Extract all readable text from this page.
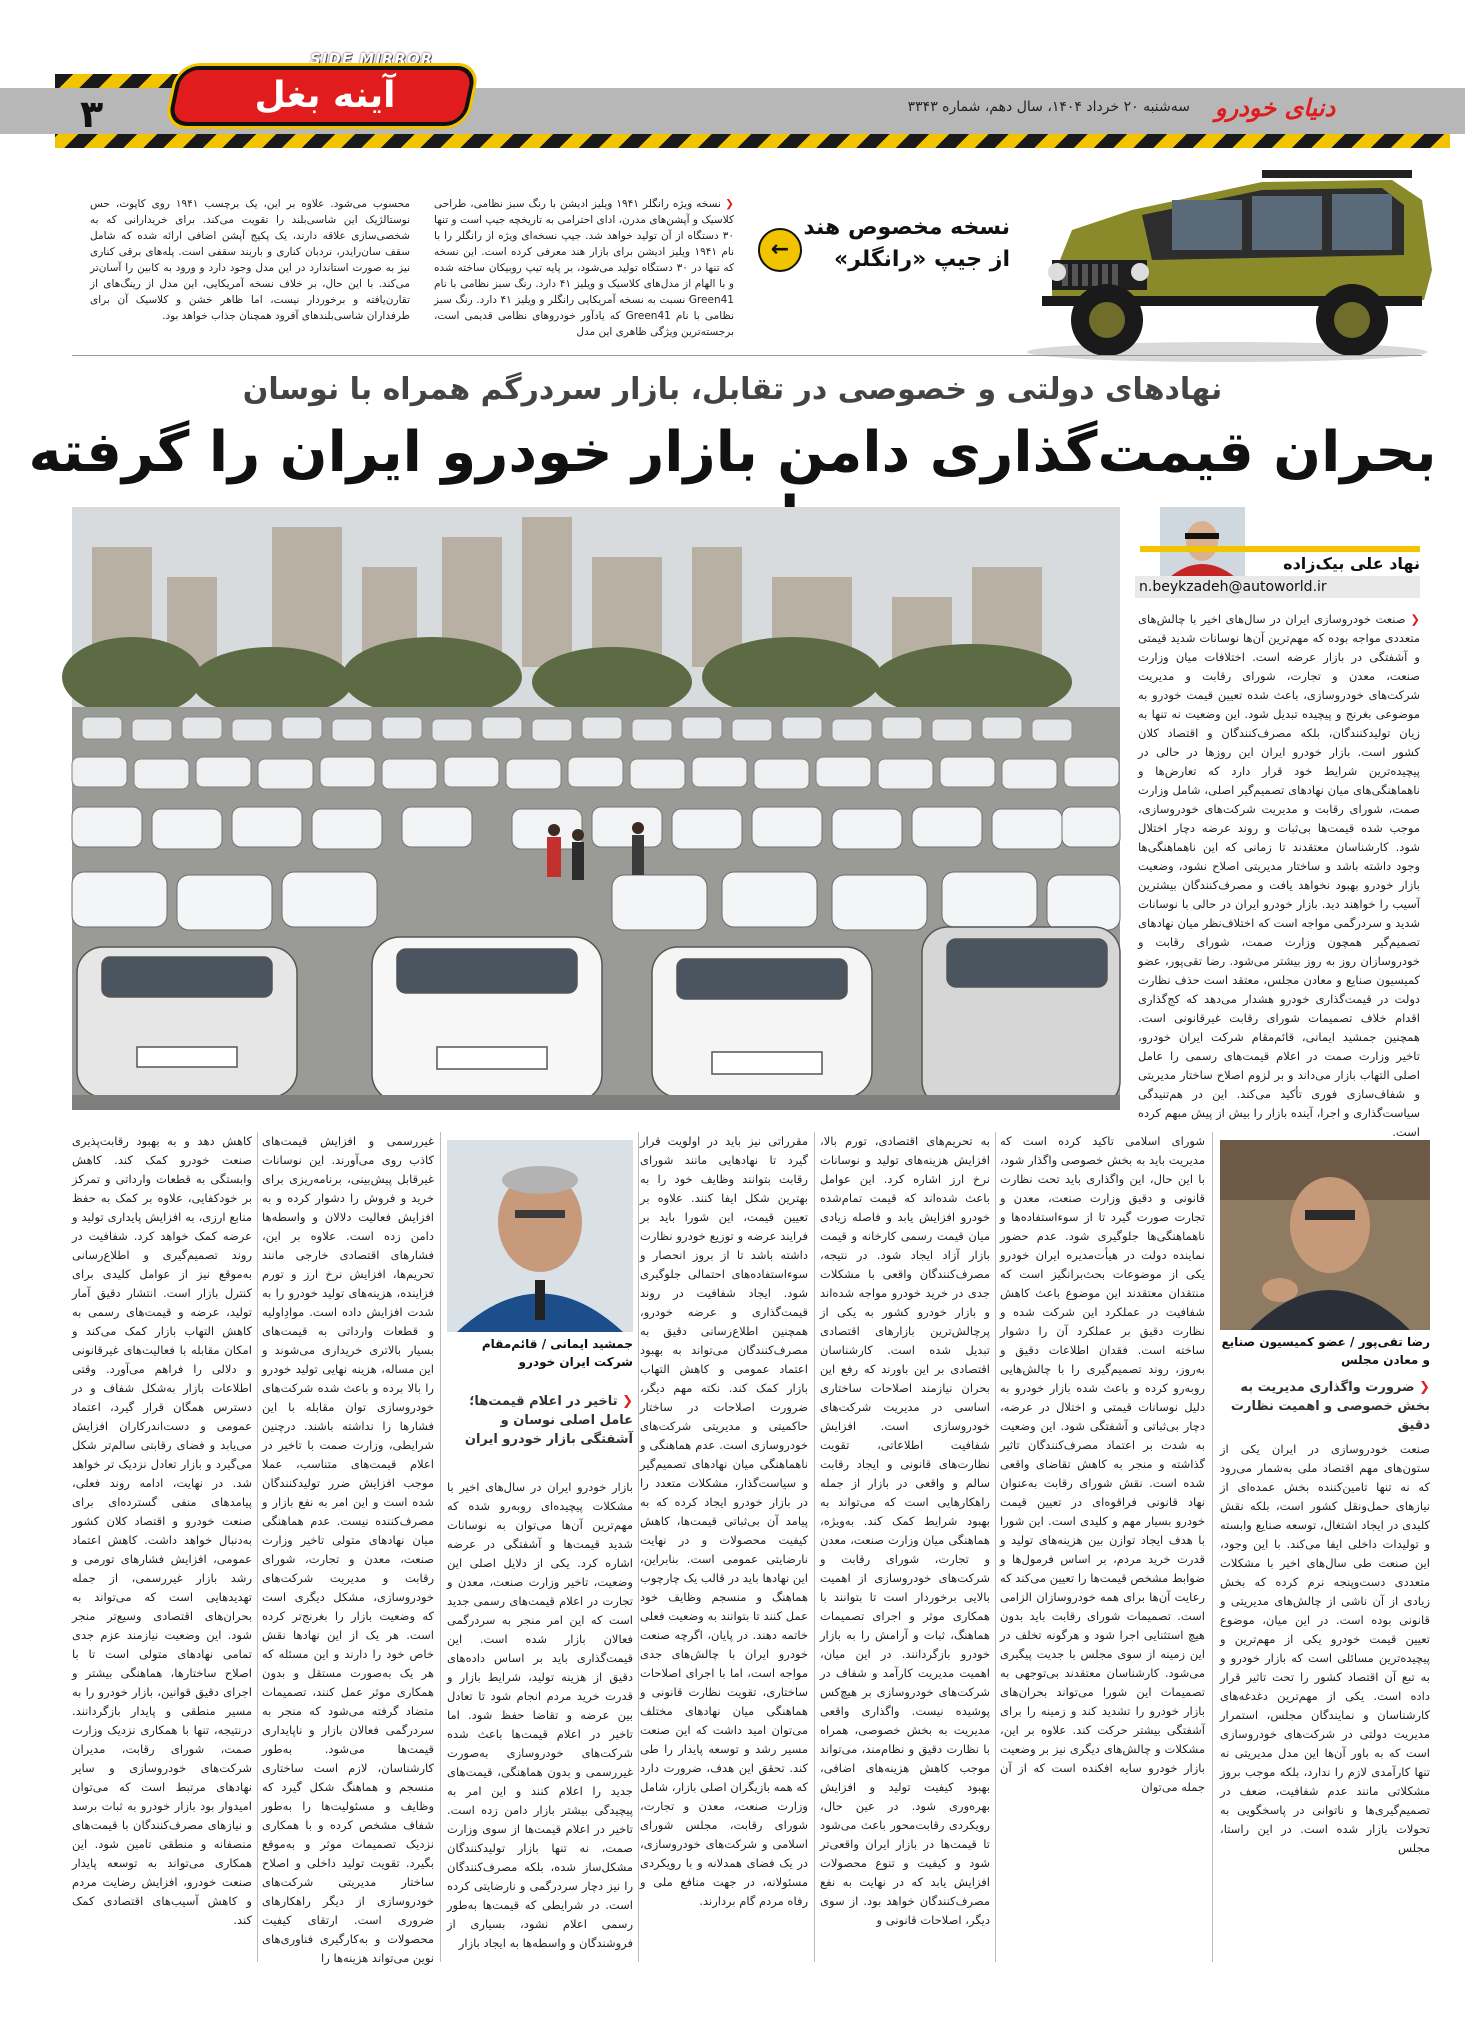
SIDE MIRROR
آینه بغل
۳	سه‌شنبه ۲۰ خرداد ۱۴۰۴، سال دهم، شماره ۳۳۴۳ دنیای خودرو
نسخه مخصوص هند
از جیپ «رانگلر»
←
❮ نسخه ویژه رانگلر ۱۹۴۱ ویلیز ادیشن با رنگ سبز نظامی، طراحی کلاسیک و آپشن‌های مدرن، ادای احترامی به تاریخچه جیپ است و تنها ۳۰ دستگاه از آن تولید خواهد شد. جیپ نسخه‌ای ویژه از رانگلر را با نام ۱۹۴۱ ویلیز ادیشن برای بازار هند معرفی کرده است. این نسخه که تنها در ۳۰ دستگاه تولید می‌شود، بر پایه تیپ روبیکان ساخته شده و با الهام از مدل‌های کلاسیک و ویلیز ۴۱ دارد. رنگ سبز نظامی با نام Green41 نسبت به نسخه آمریکایی رانگلر و ویلیز ۴۱ دارد. رنگ سبز نظامی با نام Green41 که یادآور خودروهای نظامی قدیمی است، برجسته‌ترین ویژگی ظاهری این مدل
محسوب می‌شود. علاوه بر این، یک برچسب ۱۹۴۱ روی کاپوت، حس نوستالژیک این شاسی‌بلند را تقویت می‌کند. برای خریدارانی که به شخصی‌سازی علاقه دارند، یک پکیج آپشن اضافی ارائه شده که شامل سقف سان‌رایدر، نردبان کناری و باربند سقفی است. پله‌های برقی کناری نیز به صورت استاندارد در این مدل وجود دارد و ورود به کابین را آسان‌تر می‌کند. با این حال، بر خلاف نسخه آمریکایی، این مدل از رینگ‌های از تقارن‌یافته و برخوردار نیست، اما ظاهر خشن و کلاسیک آن برای طرفداران شاسی‌بلندهای آفرود همچنان جذاب خواهد بود.
نهادهای دولتی و خصوصی در تقابل، بازار سردرگم همراه با نوسان
بحران قیمت‌گذاری دامن بازار خودرو ایران را گرفته
نهاد علی بیک‌زاده
n.beykzadeh@autoworld.ir
❮ صنعت خودروسازی ایران در سال‌های اخیر با چالش‌های متعددی مواجه بوده که مهم‌ترین آن‌ها نوسانات شدید قیمتی و آشفتگی در بازار عرضه است. اختلافات میان وزارت صنعت، معدن و تجارت، شورای رقابت و مدیریت شرکت‌های خودروسازی، باعث شده تعیین قیمت خودرو به موضوعی بغرنج و پیچیده تبدیل شود. این وضعیت نه تنها به زیان تولیدکنندگان، بلکه مصرف‌کنندگان و اقتصاد کلان کشور است. بازار خودرو ایران این روزها در حالی در پیچیده‌ترین شرایط خود قرار دارد که تعارض‌ها و ناهماهنگی‌های میان نهادهای تصمیم‌گیر اصلی، شامل وزارت صمت، شورای رقابت و مدیریت شرکت‌های خودروسازی، موجب شده قیمت‌ها بی‌ثبات و روند عرضه دچار اختلال شود. کارشناسان معتقدند تا زمانی که این ناهماهنگی‌ها وجود داشته باشد و ساختار مدیریتی اصلاح نشود، وضعیت بازار خودرو بهبود نخواهد یافت و مصرف‌کنندگان بیشترین آسیب را خواهند دید. بازار خودرو ایران در حالی با نوسانات شدید و سردرگمی مواجه است که اختلاف‌نظر میان نهادهای تصمیم‌گیر همچون وزارت صمت، شورای رقابت و خودروسازان روز به روز بیشتر می‌شود. رضا تقی‌پور، عضو کمیسیون صنایع و معادن مجلس، معتقد است حذف نظارت دولت در قیمت‌گذاری خودرو هشدار می‌دهد که کج‌گذاری اقدام خلاف تصمیمات شورای رقابت غیرقانونی است. همچنین جمشید ایمانی، قائم‌مقام شرکت ایران خودرو، تاخیر وزارت صمت در اعلام قیمت‌های رسمی را عامل اصلی التهاب بازار می‌داند و بر لزوم اصلاح ساختار مدیریتی و شفاف‌سازی فوری تأکید می‌کند. این در هم‌تنیدگی سیاست‌گذاری و اجرا، آینده بازار را بیش از پیش مبهم کرده است.
رضا تقی‌پور / عضو کمیسیون صنایع و معادن مجلس
❮ ضرورت واگذاری مدیریت به بخش خصوصی و اهمیت نظارت دقیق
جمشید ایمانی / قائم‌مقام شرکت ایران خودرو
❮ تاخیر در اعلام قیمت‌ها؛ عامل اصلی نوسان و آشفتگی بازار خودرو ایران
صنعت خودروسازی در ایران یکی از ستون‌های مهم اقتصاد ملی به‌شمار می‌رود که نه تنها تامین‌کننده بخش عمده‌ای از نیازهای حمل‌ونقل کشور است، بلکه نقش کلیدی در ایجاد اشتغال، توسعه صنایع وابسته و تولیدات داخلی ایفا می‌کند. با این وجود، این صنعت طی سال‌های اخیر با مشکلات متعددی دست‌وپنجه نرم کرده که بخش زیادی از آن ناشی از چالش‌های مدیریتی و قانونی بوده است. در این میان، موضوع تعیین قیمت خودرو یکی از مهم‌ترین و پیچیده‌ترین مسائلی است که بازار خودرو و به تبع آن اقتصاد کشور را تحت تاثیر قرار داده است. یکی از مهم‌ترین دغدغه‌های کارشناسان و نمایندگان مجلس، استمرار مدیریت دولتی در شرکت‌های خودروسازی است که به باور آن‌ها این مدل مدیریتی نه تنها کارآمدی لازم را ندارد، بلکه موجب بروز مشکلاتی مانند عدم شفافیت، ضعف در تصمیم‌گیری‌ها و ناتوانی در پاسخگویی به تحولات بازار شده است. در این راستا، مجلس
شورای اسلامی تاکید کرده است که مدیریت باید به بخش خصوصی واگذار شود، با این حال، این واگذاری باید تحت نظارت قانونی و دقیق وزارت صنعت، معدن و تجارت صورت گیرد تا از سوءاستفاده‌ها و ناهماهنگی‌ها جلوگیری شود. عدم حضور نماینده دولت در هیأت‌مدیره ایران خودرو یکی از موضوعات بحث‌برانگیز است که منتقدان معتقدند این موضوع باعث کاهش شفافیت در عملکرد این شرکت شده و نظارت دقیق بر عملکرد آن را دشوار ساخته است. فقدان اطلاعات دقیق و به‌روز، روند تصمیم‌گیری را با چالش‌هایی روبه‌رو کرده و باعث شده بازار خودرو به دلیل نوسانات قیمتی و اختلال در عرضه، دچار بی‌ثباتی و آشفتگی شود. این وضعیت به شدت بر اعتماد مصرف‌کنندگان تاثیر گذاشته و منجر به کاهش تقاضای واقعی شده است. نقش شورای رقابت به‌عنوان نهاد قانونی فراقوه‌ای در تعیین قیمت خودرو بسیار مهم و کلیدی است. این شورا با هدف ایجاد توازن بین هزینه‌های تولید و قدرت خرید مردم، بر اساس فرمول‌ها و ضوابط مشخص قیمت‌ها را تعیین می‌کند که رعایت آن‌ها برای همه خودروسازان الزامی است. تصمیمات شورای رقابت باید بدون هیچ استثنایی اجرا شود و هرگونه تخلف در این زمینه از سوی مجلس با جدیت پیگیری می‌شود. کارشناسان معتقدند بی‌توجهی به تصمیمات این شورا می‌تواند بحران‌های بازار خودرو را تشدید کند و زمینه را برای آشفتگی بیشتر حرکت کند. علاوه بر این، مشکلات و چالش‌های دیگری نیز بر وضعیت بازار خودرو سایه افکنده است که از آن جمله می‌توان
به تحریم‌های اقتصادی، تورم بالا، افزایش هزینه‌های تولید و نوسانات نرخ ارز اشاره کرد. این عوامل باعث شده‌اند که قیمت تمام‌شده خودرو افزایش یابد و فاصله زیادی میان قیمت رسمی کارخانه و قیمت بازار آزاد ایجاد شود. در نتیجه، مصرف‌کنندگان واقعی با مشکلات جدی در خرید خودرو مواجه شده‌اند و بازار خودرو کشور به یکی از پرچالش‌ترین بازارهای اقتصادی تبدیل شده است. کارشناسان اقتصادی بر این باورند که رفع این بحران نیازمند اصلاحات ساختاری اساسی در مدیریت شرکت‌های خودروسازی است. افزایش شفافیت اطلاعاتی، تقویت نظارت‌های قانونی و ایجاد رقابت سالم و واقعی در بازار از جمله راهکارهایی است که می‌تواند به بهبود شرایط کمک کند. به‌ویژه، هماهنگی میان وزارت صنعت، معدن و تجارت، شورای رقابت و شرکت‌های خودروسازی از اهمیت بالایی برخوردار است تا بتوانند با همکاری موثر و اجرای تصمیمات هماهنگ، ثبات و آرامش را به بازار خودرو بازگردانند. در این میان، اهمیت مدیریت کارآمد و شفاف در شرکت‌های خودروسازی بر هیچ‌کس پوشیده نیست. واگذاری واقعی مدیریت به بخش خصوصی، همراه با نظارت دقیق و نظام‌مند، می‌تواند موجب کاهش هزینه‌های اضافی، بهبود کیفیت تولید و افزایش بهره‌وری شود. در عین حال، رویکردی رقابت‌محور باعث می‌شود تا قیمت‌ها در بازار ایران واقعی‌تر شود و کیفیت و تنوع محصولات افزایش یابد که در نهایت به نفع مصرف‌کنندگان خواهد بود. از سوی دیگر، اصلاحات قانونی و
مقرراتی نیز باید در اولویت قرار گیرد تا نهادهایی مانند شورای رقابت بتوانند وظایف خود را به بهترین شکل ایفا کنند. علاوه بر تعیین قیمت، این شورا باید بر فرایند عرضه و توزیع خودرو نظارت داشته باشد تا از بروز انحصار و سوءاستفاده‌های احتمالی جلوگیری شود. ایجاد شفافیت در روند قیمت‌گذاری و عرضه خودرو، همچنین اطلاع‌رسانی دقیق به مصرف‌کنندگان می‌تواند به بهبود اعتماد عمومی و کاهش التهاب بازار کمک کند. نکته مهم دیگر، ضرورت اصلاحات در ساختار حاکمیتی و مدیریتی شرکت‌های خودروسازی است. عدم هماهنگی و ناهماهنگی میان نهادهای تصمیم‌گیر و سیاست‌گذار، مشکلات متعدد را در بازار خودرو ایجاد کرده که به پیامد آن بی‌ثباتی قیمت‌ها، کاهش کیفیت محصولات و در نهایت نارضایتی عمومی است. بنابراین، این نهادها باید در قالب یک چارچوب هماهنگ و منسجم وظایف خود عمل کنند تا بتوانند به وضعیت فعلی خاتمه دهند. در پایان، اگرچه صنعت خودرو ایران با چالش‌های جدی مواجه است، اما با اجرای اصلاحات ساختاری، تقویت نظارت قانونی و هماهنگی میان نهادهای مختلف می‌توان امید داشت که این صنعت مسیر رشد و توسعه پایدار را طی کند. تحقق این هدف، ضرورت دارد که همه بازیگران اصلی بازار، شامل وزارت صنعت، معدن و تجارت، شورای رقابت، مجلس شورای اسلامی و شرکت‌های خودروسازی، در یک فضای همدلانه و با رویکردی مسئولانه، در جهت منافع ملی و رفاه مردم گام بردارند.
بازار خودرو ایران در سال‌های اخیر با مشکلات پیچیده‌ای روبه‌رو شده که مهم‌ترین آن‌ها می‌توان به نوسانات شدید قیمت‌ها و آشفتگی در عرضه اشاره کرد. یکی از دلایل اصلی این وضعیت، تاخیر وزارت صنعت، معدن و تجارت در اعلام قیمت‌های رسمی جدید است که این امر منجر به سردرگمی فعالان بازار شده است. این قیمت‌گذاری باید بر اساس داده‌های دقیق از هزینه تولید، شرایط بازار و قدرت خرید مردم انجام شود تا تعادل بین عرضه و تقاضا حفظ شود. اما تاخیر در اعلام قیمت‌ها باعث شده شرکت‌های خودروسازی به‌صورت غیررسمی و بدون هماهنگی، قیمت‌های جدید را اعلام کنند و این امر به پیچیدگی بیشتر بازار دامن زده است. تاخیر در اعلام قیمت‌ها از سوی وزارت صمت، نه تنها بازار تولیدکنندگان مشکل‌ساز شده، بلکه مصرف‌کنندگان را نیز دچار سردرگمی و نارضایتی کرده است. در شرایطی که قیمت‌ها به‌طور رسمی اعلام نشود، بسیاری از فروشندگان و واسطه‌ها به ایجاد بازار
غیررسمی و افزایش قیمت‌های کاذب روی می‌آورند. این نوسانات غیرقابل پیش‌بینی، برنامه‌ریزی برای خرید و فروش را دشوار کرده و به افزایش فعالیت دلالان و واسطه‌ها دامن زده است. علاوه بر این، فشارهای اقتصادی خارجی مانند تحریم‌ها، افزایش نرخ ارز و تورم فزاینده، هزینه‌های تولید خودرو را به شدت افزایش داده است. موادِاولیه و قطعات وارداتی به قیمت‌های بسیار بالاتری خریداری می‌شوند و این مساله، هزینه نهایی تولید خودرو را بالا برده و باعث شده شرکت‌های خودروسازی توان مقابله با این فشارها را نداشته باشند. درچنین شرایطی، وزارت صمت با تاخیر در اعلام قیمت‌های متناسب، عملا موجب افزایش ضرر تولیدکنندگان شده است و این امر به نفع بازار و مصرف‌کننده نیست. عدم هماهنگی میان نهادهای متولی تاخیر وزارت صنعت، معدن و تجارت، شورای رقابت و مدیریت شرکت‌های خودروسازی، مشکل دیگری است که وضعیت بازار را بغرنج‌تر کرده است. هر یک از این نهادها نقش خاص خود را دارند و این مسئله که هر یک به‌صورت مستقل و بدون همکاری موثر عمل کنند، تصمیمات متضاد گرفته می‌شود که منجر به سردرگمی فعالان بازار و ناپایداری قیمت‌ها می‌شود. به‌طور کارشناسان، لازم است ساختاری منسجم و هماهنگ شکل گیرد که وظایف و مسئولیت‌ها را به‌طور شفاف مشخص کرده و با همکاری نزدیک تصمیمات موثر و به‌موقع بگیرد. تقویت تولید داخلی و اصلاح ساختار مدیریتی شرکت‌های خودروسازی از دیگر راهکارهای ضروری است. ارتقای کیفیت محصولات و به‌کارگیری فناوری‌های نوین می‌تواند هزینه‌ها را
کاهش دهد و به بهبود رقابت‌پذیری صنعت خودرو کمک کند. کاهش وابستگی به قطعات وارداتی و تمرکز بر خودکفایی، علاوه بر کمک به حفظ منابع ارزی، به افزایش پایداری تولید و عرضه کمک خواهد کرد. شفافیت در روند تصمیم‌گیری و اطلاع‌رسانی به‌موقع نیز از عوامل کلیدی برای کنترل بازار است. انتشار دقیق آمار تولید، عرضه و قیمت‌های رسمی به کاهش التهاب بازار کمک می‌کند و امکان مقابله با فعالیت‌های غیرقانونی و دلالی را فراهم می‌آورد. وقتی اطلاعات بازار به‌شکل شفاف و در دسترس همگان قرار گیرد، اعتماد عمومی و دست‌اندرکاران افزایش می‌یابد و فضای رقابتی سالم‌تر شکل می‌گیرد و بازار تعادل نزدیک تر خواهد شد. در نهایت، ادامه روند فعلی، پیامدهای منفی گسترده‌ای برای صنعت خودرو و اقتصاد کلان کشور به‌دنبال خواهد داشت. کاهش اعتماد عمومی، افزایش فشارهای تورمی و رشد بازار غیررسمی، از جمله تهدیدهایی است که می‌تواند به بحران‌های اقتصادی وسیع‌تر منجر شود. این وضعیت نیازمند عزم جدی تمامی نهادهای متولی است تا با اصلاح ساختارها، هماهنگی بیشتر و اجرای دقیق قوانین، بازار خودرو را به مسیر منطقی و پایدار بازگردانند. درنتیجه، تنها با همکاری نزدیک وزارت صمت، شورای رقابت، مدیران شرکت‌های خودروسازی و سایر نهادهای مرتبط است که می‌توان امیدوار بود بازار خودرو به ثبات برسد و نیازهای مصرف‌کنندگان با قیمت‌های منصفانه و منطقی تامین شود. این همکاری می‌تواند به توسعه پایدار صنعت خودرو، افزایش رضایت مردم و کاهش آسیب‌های اقتصادی کمک کند.
